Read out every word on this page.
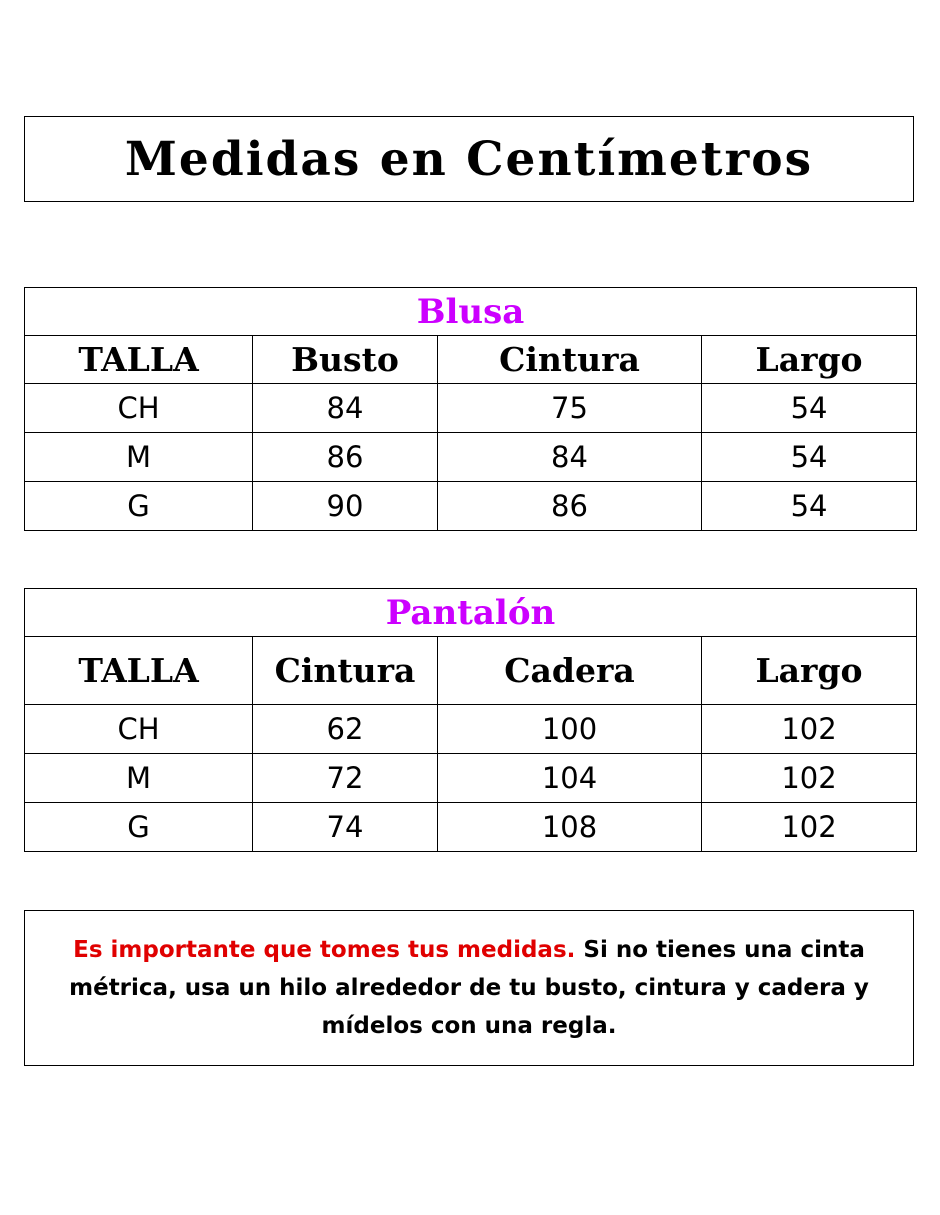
Medidas en Centímetros
Blusa			
TALLA	Busto	Cintura	Largo
CH	84	75	54
M	86	84	54
G	90	86	54
Pantalón			
TALLA	Cintura	Cadera	Largo
CH	62	100	102
M	72	104	102
G	74	108	102
Es importante que tomes tus medidas. Si no tienes una cinta métrica, usa un hilo alrededor de tu busto, cintura y cadera y mídelos con una regla.
